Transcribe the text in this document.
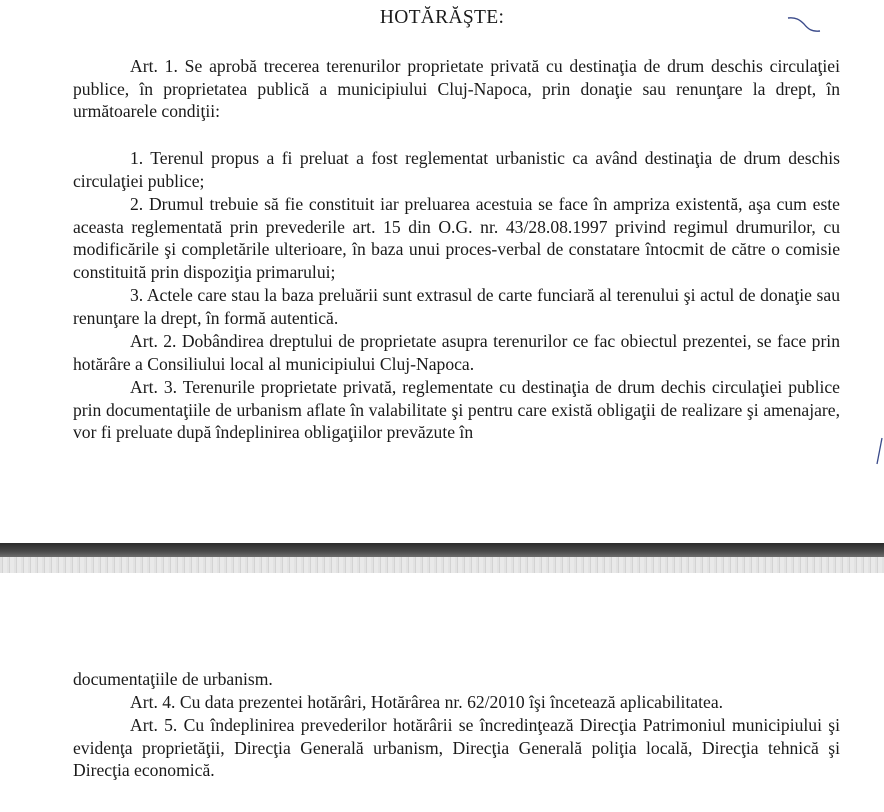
HOTĂRĂŞTE:

Art. 1. Se aprobă trecerea terenurilor proprietate privată cu destinaţia de drum deschis circulaţiei publice, în proprietatea publică a municipiului Cluj-Napoca, prin donaţie sau renunţare la drept, în următoarele condiţii:

1. Terenul propus a fi preluat a fost reglementat urbanistic ca având destinaţia de drum deschis circulaţiei publice;

2. Drumul trebuie să fie constituit iar preluarea acestuia se face în ampriza existentă, aşa cum este aceasta reglementată prin prevederile art. 15 din O.G. nr. 43/28.08.1997 privind regimul drumurilor, cu modificările şi completările ulterioare, în baza unui proces-verbal de constatare întocmit de către o comisie constituită prin dispoziţia primarului;

3. Actele care stau la baza preluării sunt extrasul de carte funciară al terenului şi actul de donaţie sau renunţare la drept, în formă autentică.

Art. 2. Dobândirea dreptului de proprietate asupra terenurilor ce fac obiectul prezentei, se face prin hotărâre a Consiliului local al municipiului Cluj-Napoca.

Art. 3. Terenurile proprietate privată, reglementate cu destinaţia de drum dechis circulaţiei publice prin documentaţiile de urbanism aflate în valabilitate şi pentru care există obligaţii de realizare şi amenajare, vor fi preluate după îndeplinirea obligaţiilor prevăzute în

documentaţiile de urbanism.

Art. 4. Cu data prezentei hotărâri, Hotărârea nr. 62/2010 îşi încetează aplicabilitatea.

Art. 5. Cu îndeplinirea prevederilor hotărârii se încredinţează Direcţia Patrimoniul municipiului şi evidenţa proprietăţii, Direcţia Generală urbanism, Direcţia Generală poliţia locală, Direcţia tehnică şi Direcţia economică.
